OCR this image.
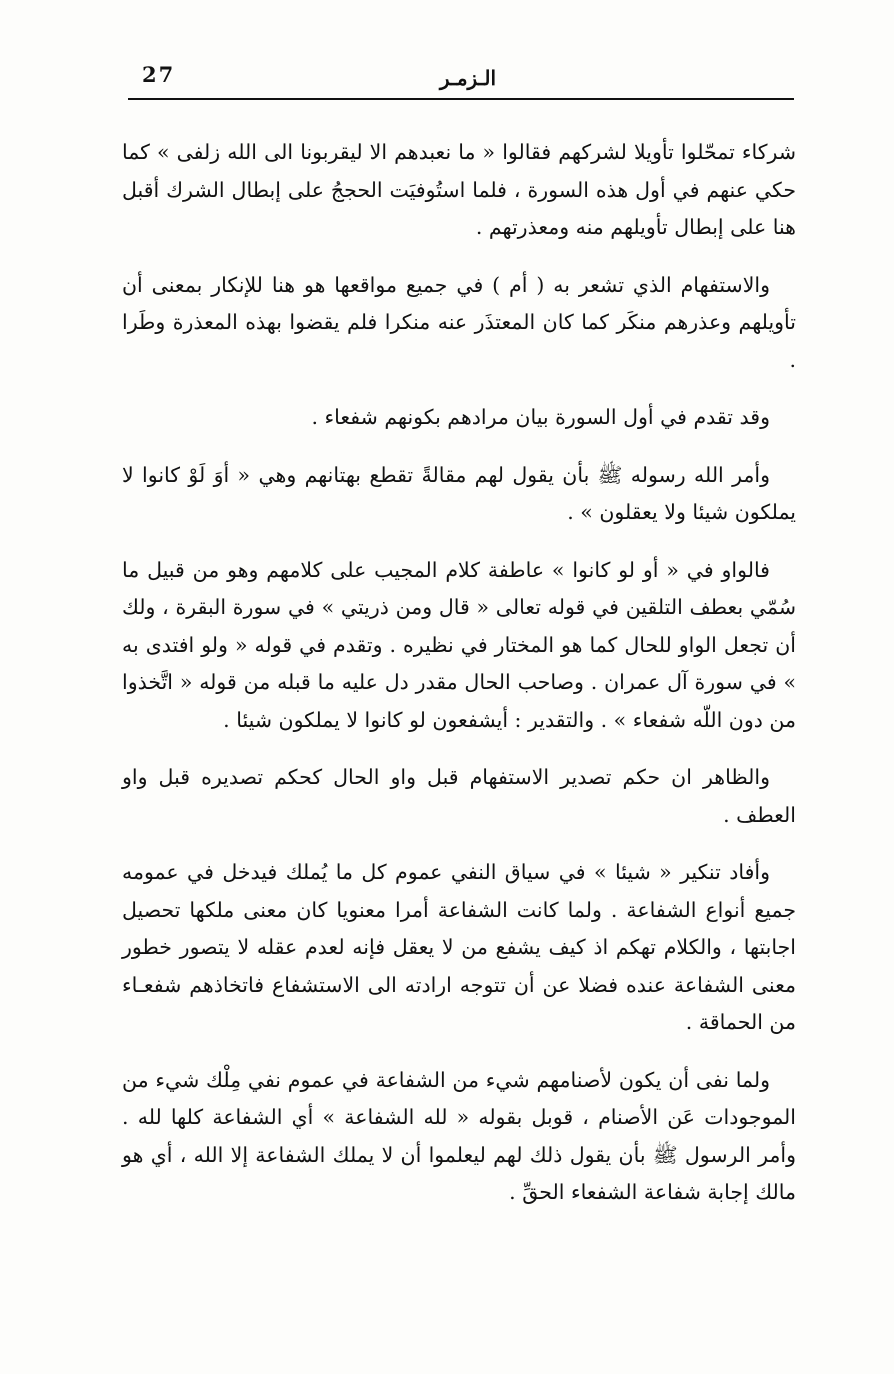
27	الـزمـر

شركاء تمحّلوا تأويلا لشركهم فقالوا « ما نعبدهم الا ليقربونا الى الله زلفى » كما حكي عنهم في أول هذه السورة ، فلما استُوفيَت الحججُ على إبطال الشرك أقبل هنا على إبطال تأويلهم منه ومعذرتهم .

والاستفهام الذي تشعر به ( أم ) في جميع مواقعها هو هنا للإنكار بمعنى أن تأويلهم وعذرهم منكَر كما كان المعتذَر عنه منكرا فلم يقضوا بهذه المعذرة وطَرا .

وقد تقدم في أول السورة بيان مرادهم بكونهم شفعاء .

وأمر الله رسوله ﷺ بأن يقول لهم مقالةً تقطع بهتانهم وهي « أوَ لَوْ كانوا لا يملكون شيئا ولا يعقلون » .

فالواو في « أو لو كانوا » عاطفة كلام المجيب على كلامهم وهو من قبيل ما سُمّي بعطف التلقين في قوله تعالى « قال ومن ذريتي » في سورة البقرة ، ولك أن تجعل الواو للحال كما هو المختار في نظيره . وتقدم في قوله « ولو افتدى به » في سورة آل عمران . وصاحب الحال مقدر دل عليه ما قبله من قوله « اتَّخذوا من دون اللّه شفعاء » . والتقدير : أيشفعون لو كانوا لا يملكون شيئا .

والظاهر ان حكم تصدير الاستفهام قبل واو الحال كحكم تصديره قبل واو العطف .

وأفاد تنكير « شيئا » في سياق النفي عموم كل ما يُملك فيدخل في عمومه جميع أنواع الشفاعة . ولما كانت الشفاعة أمرا معنويا كان معنى ملكها تحصيل اجابتها ، والكلام تهكم اذ كيف يشفع من لا يعقل فإنه لعدم عقله لا يتصور خطور معنى الشفاعة عنده فضلا عن أن تتوجه ارادته الى الاستشفاع فاتخاذهم شفعـاء من الحماقة .

ولما نفى أن يكون لأصنامهم شيء من الشفاعة في عموم نفي مِلْك شيء من الموجودات عَن الأصنام ، قوبل بقوله « لله الشفاعة » أي الشفاعة كلها لله . وأمر الرسول ﷺ بأن يقول ذلك لهم ليعلموا أن لا يملك الشفاعة إلا الله ، أي هو مالك إجابة شفاعة الشفعاء الحقِّ .
